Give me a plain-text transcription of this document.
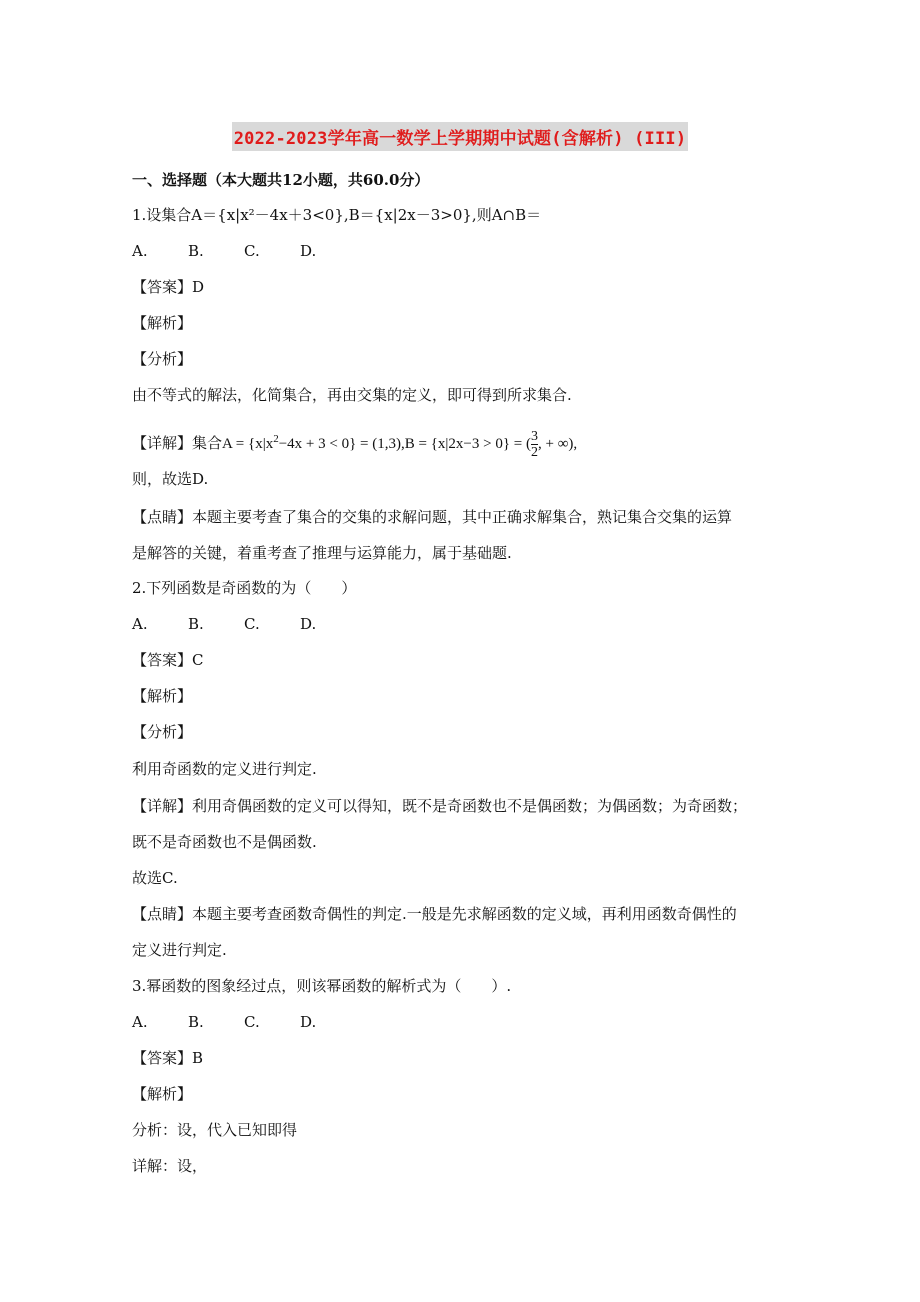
2022-2023学年高一数学上学期期中试题(含解析) (III)
一、选择题（本大题共12小题，共60.0分）
1.设集合A＝{x|x²－4x＋3<0},B＝{x|2x－3>0},则A∩B＝
A.	B.	C.	D.
【答案】D
【解析】
【分析】
由不等式的解法，化简集合，再由交集的定义，即可得到所求集合.
【详解】集合$A = \{x|x^2-4x + 3 < 0\} = (1,3),B = \{x|2x-3 > 0\}$ = ( $\frac{3}{2}$ , + ∞),
则，故选D.
【点睛】本题主要考查了集合的交集的求解问题，其中正确求解集合，熟记集合交集的运算
是解答的关键，着重考查了推理与运算能力，属于基础题.
2.下列函数是奇函数的为（　　）
A.	B.	C.	D.
【答案】C
【解析】
【分析】
利用奇函数的定义进行判定.
【详解】利用奇偶函数的定义可以得知，既不是奇函数也不是偶函数；为偶函数；为奇函数；
既不是奇函数也不是偶函数.
故选C.
【点睛】本题主要考查函数奇偶性的判定.一般是先求解函数的定义域，再利用函数奇偶性的
定义进行判定.
3.幂函数的图象经过点，则该幂函数的解析式为（　　）.
A.	B.	C.	D.
【答案】B
【解析】
分析：设，代入已知即得
详解：设，
